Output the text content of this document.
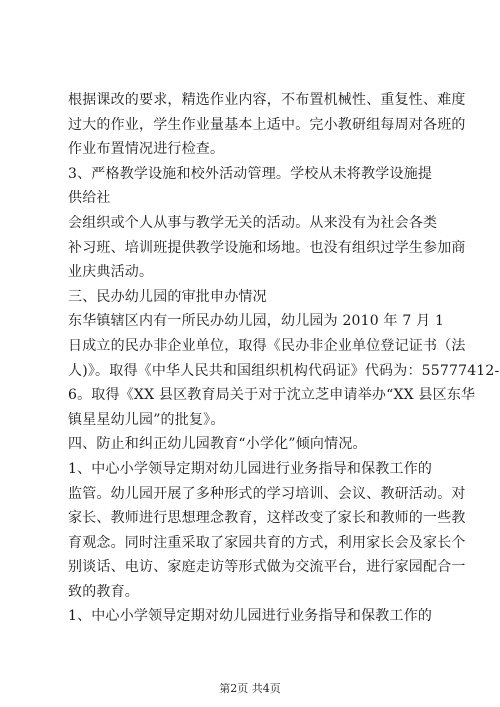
根据课改的要求，精选作业内容，不布置机械性、重复性、难度
过大的作业，学生作业量基本上适中。完小教研组每周对各班的
作业布置情况进行检查。
3、严格教学设施和校外活动管理。学校从未将教学设施提
供给社
会组织或个人从事与教学无关的活动。从来没有为社会各类
补习班、培训班提供教学设施和场地。也没有组织过学生参加商
业庆典活动。
三、民办幼儿园的审批申办情况
东华镇辖区内有一所民办幼儿园，幼儿园为 2010 年 7 月 1
日成立的民办非企业单位，取得《民办非企业单位登记证书（法
人)》。取得《中华人民共和国组织机构代码证》代码为：55777412-
6。取得《XX 县区教育局关于对于沈立芝申请举办“XX 县区东华
镇星星幼儿园”的批复》。
四、防止和纠正幼儿园教育“小学化”倾向情况。
1、中心小学领导定期对幼儿园进行业务指导和保教工作的
监管。幼儿园开展了多种形式的学习培训、会议、教研活动。对
家长、教师进行思想理念教育，这样改变了家长和教师的一些教
育观念。同时注重采取了家园共育的方式，利用家长会及家长个
别谈话、电访、家庭走访等形式做为交流平台，进行家园配合一
致的教育。
1、中心小学领导定期对幼儿园进行业务指导和保教工作的

第2页 共4页
